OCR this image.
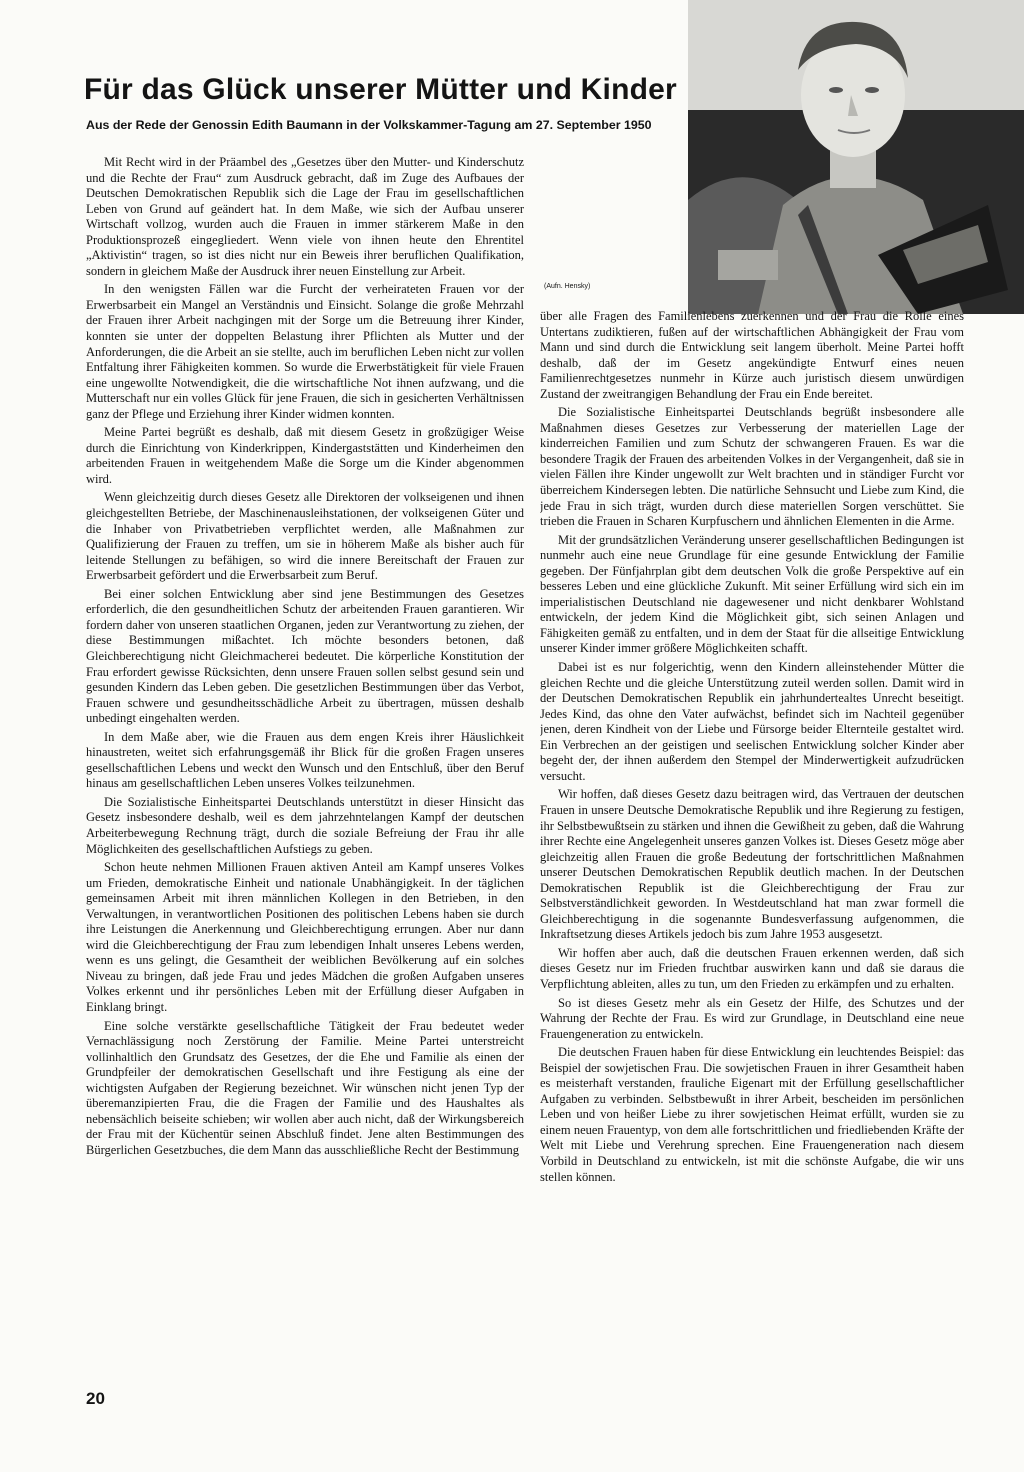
Für das Glück unserer Mütter und Kinder
Aus der Rede der Genossin Edith Baumann in der Volkskammer-Tagung am 27. September 1950
(Aufn. Hensky)

Mit Recht wird in der Präambel des „Gesetzes über den Mutter- und Kinderschutz und die Rechte der Frau“ zum Ausdruck gebracht, daß im Zuge des Aufbaues der Deutschen Demokratischen Republik sich die Lage der Frau im gesellschaftlichen Leben von Grund auf geändert hat. In dem Maße, wie sich der Aufbau unserer Wirtschaft vollzog, wurden auch die Frauen in immer stärkerem Maße in den Produktionsprozeß eingegliedert. Wenn viele von ihnen heute den Ehrentitel „Aktivistin“ tragen, so ist dies nicht nur ein Beweis ihrer beruflichen Qualifikation, sondern in gleichem Maße der Ausdruck ihrer neuen Einstellung zur Arbeit.

In den wenigsten Fällen war die Furcht der verheirateten Frauen vor der Erwerbsarbeit ein Mangel an Verständnis und Einsicht. Solange die große Mehrzahl der Frauen ihrer Arbeit nachgingen mit der Sorge um die Betreuung ihrer Kinder, konnten sie unter der doppelten Belastung ihrer Pflichten als Mutter und der Anforderungen, die die Arbeit an sie stellte, auch im beruflichen Leben nicht zur vollen Entfaltung ihrer Fähigkeiten kommen. So wurde die Erwerbstätigkeit für viele Frauen eine ungewollte Notwendigkeit, die die wirtschaftliche Not ihnen aufzwang, und die Mutterschaft nur ein volles Glück für jene Frauen, die sich in gesicherten Verhältnissen ganz der Pflege und Erziehung ihrer Kinder widmen konnten.

Meine Partei begrüßt es deshalb, daß mit diesem Gesetz in großzügiger Weise durch die Einrichtung von Kinderkrippen, Kindergaststätten und Kinderheimen den arbeitenden Frauen in weitgehendem Maße die Sorge um die Kinder abgenommen wird.

Wenn gleichzeitig durch dieses Gesetz alle Direktoren der volkseigenen und ihnen gleichgestellten Betriebe, der Maschinenausleihstationen, der volkseigenen Güter und die Inhaber von Privatbetrieben verpflichtet werden, alle Maßnahmen zur Qualifizierung der Frauen zu treffen, um sie in höherem Maße als bisher auch für leitende Stellungen zu befähigen, so wird die innere Bereitschaft der Frauen zur Erwerbsarbeit gefördert und die Erwerbsarbeit zum Beruf.

Bei einer solchen Entwicklung aber sind jene Bestimmungen des Gesetzes erforderlich, die den gesundheitlichen Schutz der arbeitenden Frauen garantieren. Wir fordern daher von unseren staatlichen Organen, jeden zur Verantwortung zu ziehen, der diese Bestimmungen mißachtet. Ich möchte besonders betonen, daß Gleichberechtigung nicht Gleichmacherei bedeutet. Die körperliche Konstitution der Frau erfordert gewisse Rücksichten, denn unsere Frauen sollen selbst gesund sein und gesunden Kindern das Leben geben. Die gesetzlichen Bestimmungen über das Verbot, Frauen schwere und gesundheitsschädliche Arbeit zu übertragen, müssen deshalb unbedingt eingehalten werden.

In dem Maße aber, wie die Frauen aus dem engen Kreis ihrer Häuslichkeit hinaustreten, weitet sich erfahrungsgemäß ihr Blick für die großen Fragen unseres gesellschaftlichen Lebens und weckt den Wunsch und den Entschluß, über den Beruf hinaus am gesellschaftlichen Leben unseres Volkes teilzunehmen.

Die Sozialistische Einheitspartei Deutschlands unterstützt in dieser Hinsicht das Gesetz insbesondere deshalb, weil es dem jahrzehntelangen Kampf der deutschen Arbeiterbewegung Rechnung trägt, durch die soziale Befreiung der Frau ihr alle Möglichkeiten des gesellschaftlichen Aufstiegs zu geben.

Schon heute nehmen Millionen Frauen aktiven Anteil am Kampf unseres Volkes um Frieden, demokratische Einheit und nationale Unabhängigkeit. In der täglichen gemeinsamen Arbeit mit ihren männlichen Kollegen in den Betrieben, in den Verwaltungen, in verantwortlichen Positionen des politischen Lebens haben sie durch ihre Leistungen die Anerkennung und Gleichberechtigung errungen. Aber nur dann wird die Gleichberechtigung der Frau zum lebendigen Inhalt unseres Lebens werden, wenn es uns gelingt, die Gesamtheit der weiblichen Bevölkerung auf ein solches Niveau zu bringen, daß jede Frau und jedes Mädchen die großen Aufgaben unseres Volkes erkennt und ihr persönliches Leben mit der Erfüllung dieser Aufgaben in Einklang bringt.

Eine solche verstärkte gesellschaftliche Tätigkeit der Frau bedeutet weder Vernachlässigung noch Zerstörung der Familie. Meine Partei unterstreicht vollinhaltlich den Grundsatz des Gesetzes, der die Ehe und Familie als einen der Grundpfeiler der demokratischen Gesellschaft und ihre Festigung als eine der wichtigsten Aufgaben der Regierung bezeichnet. Wir wünschen nicht jenen Typ der überemanzipierten Frau, die die Fragen der Familie und des Haushaltes als nebensächlich beiseite schieben; wir wollen aber auch nicht, daß der Wirkungsbereich der Frau mit der Küchentür seinen Abschluß findet. Jene alten Bestimmungen des Bürgerlichen Gesetzbuches, die dem Mann das ausschließliche Recht der Bestimmung

über alle Fragen des Familienlebens zuerkennen und der Frau die Rolle eines Untertans zudiktieren, fußen auf der wirtschaftlichen Abhängigkeit der Frau vom Mann und sind durch die Entwicklung seit langem überholt. Meine Partei hofft deshalb, daß der im Gesetz angekündigte Entwurf eines neuen Familienrechtgesetzes nunmehr in Kürze auch juristisch diesem unwürdigen Zustand der zweitrangigen Behandlung der Frau ein Ende bereitet.

Die Sozialistische Einheitspartei Deutschlands begrüßt insbesondere alle Maßnahmen dieses Gesetzes zur Verbesserung der materiellen Lage der kinderreichen Familien und zum Schutz der schwangeren Frauen. Es war die besondere Tragik der Frauen des arbeitenden Volkes in der Vergangenheit, daß sie in vielen Fällen ihre Kinder ungewollt zur Welt brachten und in ständiger Furcht vor überreichem Kindersegen lebten. Die natürliche Sehnsucht und Liebe zum Kind, die jede Frau in sich trägt, wurden durch diese materiellen Sorgen verschüttet. Sie trieben die Frauen in Scharen Kurpfuschern und ähnlichen Elementen in die Arme.

Mit der grundsätzlichen Veränderung unserer gesellschaftlichen Bedingungen ist nunmehr auch eine neue Grundlage für eine gesunde Entwicklung der Familie gegeben. Der Fünfjahrplan gibt dem deutschen Volk die große Perspektive auf ein besseres Leben und eine glückliche Zukunft. Mit seiner Erfüllung wird sich ein im imperialistischen Deutschland nie dagewesener und nicht denkbarer Wohlstand entwickeln, der jedem Kind die Möglichkeit gibt, sich seinen Anlagen und Fähigkeiten gemäß zu entfalten, und in dem der Staat für die allseitige Entwicklung unserer Kinder immer größere Möglichkeiten schafft.

Dabei ist es nur folgerichtig, wenn den Kindern alleinstehender Mütter die gleichen Rechte und die gleiche Unterstützung zuteil werden sollen. Damit wird in der Deutschen Demokratischen Republik ein jahrhundertealtes Unrecht beseitigt. Jedes Kind, das ohne den Vater aufwächst, befindet sich im Nachteil gegenüber jenen, deren Kindheit von der Liebe und Fürsorge beider Elternteile gestaltet wird. Ein Verbrechen an der geistigen und seelischen Entwicklung solcher Kinder aber begeht der, der ihnen außerdem den Stempel der Minderwertigkeit aufzudrücken versucht.

Wir hoffen, daß dieses Gesetz dazu beitragen wird, das Vertrauen der deutschen Frauen in unsere Deutsche Demokratische Republik und ihre Regierung zu festigen, ihr Selbstbewußtsein zu stärken und ihnen die Gewißheit zu geben, daß die Wahrung ihrer Rechte eine Angelegenheit unseres ganzen Volkes ist. Dieses Gesetz möge aber gleichzeitig allen Frauen die große Bedeutung der fortschrittlichen Maßnahmen unserer Deutschen Demokratischen Republik deutlich machen. In der Deutschen Demokratischen Republik ist die Gleichberechtigung der Frau zur Selbstverständlichkeit geworden. In Westdeutschland hat man zwar formell die Gleichberechtigung in die sogenannte Bundesverfassung aufgenommen, die Inkraftsetzung dieses Artikels jedoch bis zum Jahre 1953 ausgesetzt.

Wir hoffen aber auch, daß die deutschen Frauen erkennen werden, daß sich dieses Gesetz nur im Frieden fruchtbar auswirken kann und daß sie daraus die Verpflichtung ableiten, alles zu tun, um den Frieden zu erkämpfen und zu erhalten.

So ist dieses Gesetz mehr als ein Gesetz der Hilfe, des Schutzes und der Wahrung der Rechte der Frau. Es wird zur Grundlage, in Deutschland eine neue Frauengeneration zu entwickeln.

Die deutschen Frauen haben für diese Entwicklung ein leuchtendes Beispiel: das Beispiel der sowjetischen Frau. Die sowjetischen Frauen in ihrer Gesamtheit haben es meisterhaft verstanden, frauliche Eigenart mit der Erfüllung gesellschaftlicher Aufgaben zu verbinden. Selbstbewußt in ihrer Arbeit, bescheiden im persönlichen Leben und von heißer Liebe zu ihrer sowjetischen Heimat erfüllt, wurden sie zu einem neuen Frauentyp, von dem alle fortschrittlichen und friedliebenden Kräfte der Welt mit Liebe und Verehrung sprechen. Eine Frauengeneration nach diesem Vorbild in Deutschland zu entwickeln, ist mit die schönste Aufgabe, die wir uns stellen können.

20
